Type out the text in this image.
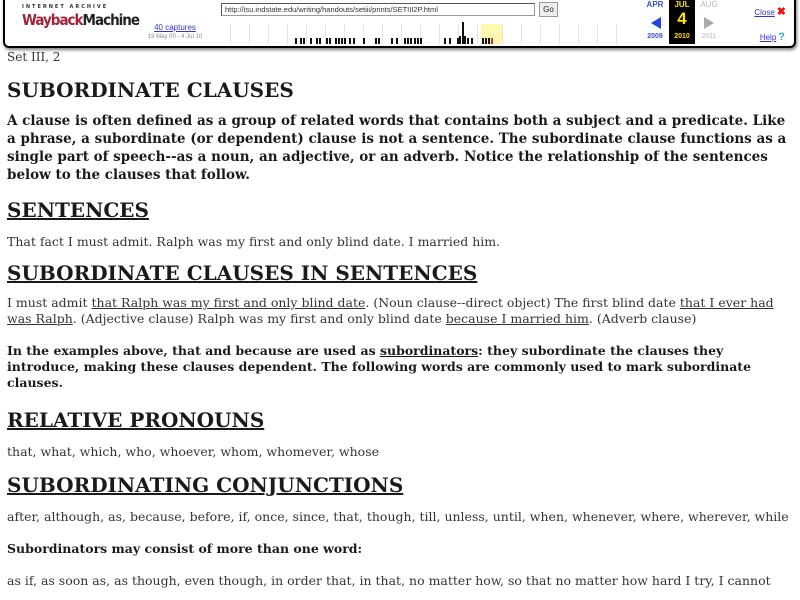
INTERNET ARCHIVE
WaybackMachine	40 captures
19 May 00 - 4 Jul 10
http://isu.indstate.edu/writing/handouts/setiii/prints/SETIII2P.html	Go
APR
2009
JUL
4
2010
AUG
2011
Close ✖
Help ?
Set III, 2
SUBORDINATE CLAUSES

A clause is often defined as a group of related words that contains both a subject and a predicate. Like a phrase, a subordinate (or dependent) clause is not a sentence. The subordinate clause functions as a single part of speech--as a noun, an adjective, or an adverb. Notice the relationship of the sentences below to the clauses that follow.

SENTENCES

That fact I must admit. Ralph was my first and only blind date. I married him.

SUBORDINATE CLAUSES IN SENTENCES

I must admit that Ralph was my first and only blind date. (Noun clause--direct object) The first blind date that I ever had was Ralph. (Adjective clause) Ralph was my first and only blind date because I married him. (Adverb clause)

In the examples above, that and because are used as subordinators: they subordinate the clauses they introduce, making these clauses dependent. The following words are commonly used to mark subordinate clauses.

RELATIVE PRONOUNS

that, what, which, who, whoever, whom, whomever, whose

SUBORDINATING CONJUNCTIONS

after, although, as, because, before, if, once, since, that, though, till, unless, until, when, whenever, where, wherever, while

Subordinators may consist of more than one word:

as if, as soon as, as though, even though, in order that, in that, no matter how, so that no matter how hard I try, I cannot
